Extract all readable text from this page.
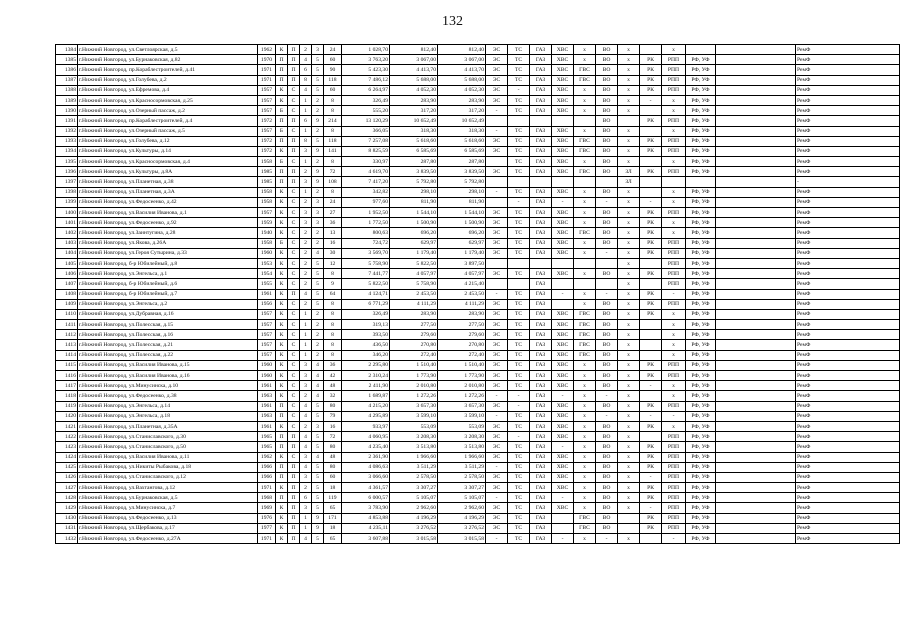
132
1384	г.Нижний Новгород, ул.Светлоярская, д.5	1962	К	П	2	3	24	1 028,70	812,40	812,40	ЭС	ТС	ГАЗ	ХВС	х	ВО	х		х			РемФ
1385	г.Нижний Новгород, ул.Бурнаковская, д.82	1970	П	П	4	5	60	3 763,20	3 067,00	3 067,00	ЭС	ТС	ГАЗ	ХВС	х	ВО	х	РК	РПП	РФ, УФ		РемФ
1386	г.Нижний Новгород, пр.Кораблестроителей, д.41	1971	П	П	6	5	90	5 423,30	4 413,70	4 413,70	ЭС	ТС	ГАЗ	ХВС	ГВС	ВО	х	РК	РПП	РФ, УФ		РемФ
1387	г.Нижний Новгород, ул.Голубева, д.2	1971	П	П	8	5	118	7 486,12	5 688,00	5 688,00	ЭС	ТС	ГАЗ	ХВС	ГВС	ВО	х	РК	РПП	РФ, УФ		РемФ
1388	г.Нижний Новгород, ул.Ефремова, д.4	1957	К	С	4	5	60	6 264,97	4 052,30	4 052,30	ЭС	-	ГАЗ	ХВС	х	ВО	х	РК	РПП	РФ, УФ		РемФ
1389	г.Нижний Новгород, ул.Красносормовская, д.25	1957	К	С	1	2	8	326,49	283,90	283,90	ЭС	ТС	ГАЗ	ХВС	х	ВО	х	-	х	РФ, УФ		РемФ
1390	г.Нижний Новгород, ул.Озерный пассаж, д.2	1957	Б	С	1	2	8	555,20	317,20	317,20	-	ТС	ГАЗ	ХВС	х	ВО	х		х	РФ, УФ		РемФ
1391	г.Нижний Новгород, пр.Кораблестроителей, д.4	1972	П	П	6	9	214	13 120,29	10 652,49	10 652,49						ВО		РК	РПП	РФ, УФ		РемФ
1392	г.Нижний Новгород, ул.Озерный пассаж, д.5	1957	Б	С	1	2	8	366,05	318,30	318,30	-	ТС	ГАЗ	ХВС	х	ВО	х		х	РФ, УФ		РемФ
1393	г.Нижний Новгород, ул.Голубева, д.12	1972	П	П	8	5	118	7 257,08	5 618,60	5 618,60	ЭС	ТС	ГАЗ	ХВС	ГВС	ВО	х	РК	РПП	РФ, УФ		РемФ
1394	г.Нижний Новгород, ул.Культуры, д.14	1972	К	П	3	9	141	8 825,59	6 585,69	6 585,69	ЭС	ТС	ГАЗ	ХВС	ГВС	ВО	х	РК	РПП	РФ, УФ		РемФ
1395	г.Нижний Новгород, ул.Красносормовская, д.4	1958	Б	С	1	2	8	330,97	287,80	287,80		ТС	ГАЗ	ХВС	х	ВО	х		х	РФ, УФ		РемФ
1396	г.Нижний Новгород, ул.Культуры, д.8А	1985	П	П	2	9	72	4 619,70	3 839,50	3 839,50	ЭС	ТС	ГАЗ	ХВС	ГВС	ВО	ЗЛ	РК	РПП	РФ, УФ		РемФ
1397	г.Нижний Новгород, ул.Планетная, д.38	1985	П	П	3	9	108	7 417,20	5 792,80	5 792,80							ЗЛ					-
1398	г.Нижний Новгород, ул.Планетная, д.3А	1958	К	С	1	2	8	342,82	298,10	298,10	-	ТС	ГАЗ	ХВС	х	ВО	х		х	РФ, УФ		РемФ
1399	г.Нижний Новгород, ул.Федосеенко, д.42	1958	К	С	2	3	24	977,60	811,90	811,90		-	ГАЗ	-	х	-	х	-	х	РФ, УФ		РемФ
1400	г.Нижний Новгород, ул.Василия Иванова, д.1	1957	К	С	3	3	27	1 952,50	1 544,10	1 544,10	ЭС	ТС	ГАЗ	ХВС	х	ВО	х	РК	РПП	РФ, УФ		РемФ
1401	г.Нижний Новгород, ул.Федосеенко, д.92	1959	К	С	3	3	36	1 772,50	1 500,90	1 500,90	ЭС	ТС	ГАЗ	ХВС	х	ВО	х	РК	х	РФ, УФ		РемФ
1402	г.Нижний Новгород, ул.Заинтугина, д.28	1940	К	С	2	2	13	800,63	696,20	696,20	ЭС	ТС	ГАЗ	ХВС	ГВС	ВО	х	РК	х	РФ, УФ		РемФ
1403	г.Нижний Новгород, ул.Якова, д.26А	1958	Б	С	2	2	16	724,72	629,97	629,97	ЭС	ТС	ГАЗ	ХВС	х	ВО	х	РК	РПП	РФ, УФ		РемФ
1404	г.Нижний Новгород, ул.Героя Сутырина, д.33	1960	К	С	2	4	30	3 569,70	1 179,40	1 179,40	ЭС	ТС	ГАЗ	ХВС	х	-	х	РК	РПП	РФ, УФ		РемФ
1405	г.Нижний Новгород, б-р Юбилейный, д.8	1953	К	С	2	5	12	5 758,90	5 822,50	3 897,50							х		РПП	РФ, УФ		РемФ
1406	г.Нижний Новгород, ул.Энгельса, д.1	1954	К	С	2	5	8	7 441,77	4 057,97	4 057,97	ЭС	ТС	ГАЗ	ХВС	х	ВО	х	РК	РПП	РФ, УФ		РемФ
1407	г.Нижний Новгород, б-р Юбилейный, д.6	1955	К	С	2	5	9	5 822,50	5 758,90	4 215,40			ГАЗ				х		РПП	РФ, УФ		РемФ
1408	г.Нижний Новгород, б-р Юбилейный, д.7	1961	К	П	4	5	64	4 124,71	2 453,50	2 453,50	-	ТС	ГАЗ	-	х	-	х	РК	-	РФ, УФ		РемФ
1409	г.Нижний Новгород, ул.Энгельса, д.2	1956	К	С	2	5	8	6 771,29	4 111,29	4 111,29	ЭС	ТС	ГАЗ		х	ВО	х	РК	РПП	РФ, УФ		РемФ
1410	г.Нижний Новгород, ул.Дубравная, д.16	1957	К	С	1	2	8	326,49	283,90	283,90	ЭС	ТС	ГАЗ	ХВС	ГВС	ВО	х	РК	х	РФ, УФ		РемФ
1411	г.Нижний Новгород, ул.Полесская, д.15	1957	К	С	1	2	8	319,13	277,50	277,50	ЭС	ТС	ГАЗ	ХВС	ГВС	ВО	х		х	РФ, УФ		РемФ
1412	г.Нижний Новгород, ул.Полесская, д.16	1957	К	С	1	2	8	393,50	279,60	279,60	ЭС	ТС	ГАЗ	ХВС	ГВС	ВО	х		х	РФ, УФ		РемФ
1413	г.Нижний Новгород, ул.Полесская, д.21	1957	К	С	1	2	8	436,50	270,80	270,80	ЭС	ТС	ГАЗ	ХВС	ГВС	ВО	х		х	РФ, УФ		РемФ
1414	г.Нижний Новгород, ул.Полесская, д.22	1957	К	С	1	2	8	346,20	272,40	272,40	ЭС	ТС	ГАЗ	ХВС	ГВС	ВО	х		х	РФ, УФ		РемФ
1415	г.Нижний Новгород, ул.Василия Иванова, д.15	1960	К	С	3	4	36	2 295,80	1 510,40	1 510,40	ЭС	ТС	ГАЗ	ХВС	х	ВО	х	РК	РПП	РФ, УФ		РемФ
1416	г.Нижний Новгород, ул.Василия Иванова, д.16	1960	К	С	3	4	42	2 310,24	1 773,90	1 773,90	ЭС	ТС	ГАЗ	ХВС	х	ВО	х	РК	РПП	РФ, УФ		РемФ
1417	г.Нижний Новгород, ул.Минусинска, д.10	1961	К	С	3	4	48	2 411,90	2 010,80	2 010,80	ЭС	ТС	ГАЗ	ХВС	х	ВО	х	-	х	РФ, УФ		РемФ
1418	г.Нижний Новгород, ул.Федосеенко, д.38	1963	К	С	2	4	32	1 689,87	1 272,26	1 272,26	-	-	ГАЗ	-	х	-	х		х	РФ, УФ		РемФ
1419	г.Нижний Новгород, ул.Энгельса, д.14	1961	П	С	4	5	80	4 215,20	3 657,30	3 657,30	ЭС	-	ГАЗ	ХВС	х	ВО	х	РК	РПП	РФ, УФ		РемФ
1420	г.Нижний Новгород, ул.Энгельса, д.18	1963	П	С	4	5	79	4 295,89	3 599,10	3 599,10	-	ТС	ГАЗ	ХВС	х	-	х	-	-	РФ, УФ		РемФ
1421	г.Нижний Новгород, ул.Планетная, д.35А	1961	К	С	2	3	16	933,97	553,09	553,09	ЭС	ТС	ГАЗ	ХВС	х	ВО	х	РК	х	РФ, УФ		РемФ
1422	г.Нижний Новгород, ул.Станиславского, д.30	1965	П	П	4	5	72	4 060,95	3 208,30	3 208,30	ЭС	-	ГАЗ	ХВС	х	ВО	х		РПП	РФ, УФ		РемФ
1423	г.Нижний Новгород, ул.Станиславского, д.50	1965	П	П	4	5	80	4 235,40	3 513,80	3 513,80	ЭС	ТС	ГАЗ	-	х	ВО	х	РК	РПП	РФ, УФ		РемФ
1424	г.Нижний Новгород, ул.Василия Иванова, д.11	1962	К	С	3	4	48	2 361,90	1 966,60	1 966,60	ЭС	ТС	ГАЗ	ХВС	х	ВО	х	РК	РПП	РФ, УФ		РемФ
1425	г.Нижний Новгород, ул.Никиты Рыбакова, д.18	1966	П	П	4	5	80	4 086,63	3 511,29	3 511,29	-	ТС	ГАЗ	ХВС	х	ВО	х	РК	РПП	РФ, УФ		РемФ
1426	г.Нижний Новгород, ул.Станиславского, д.12	1966	П	П	3	5	60	3 066,60	2 578,50	2 578,50	ЭС	ТС	ГАЗ	ХВС	х	ВО	х	-	РПП	РФ, УФ		РемФ
1427	г.Нижний Новгород, ул.Вахтангова, д.12	1971	К	П	2	5	18	4 361,57	3 307,27	3 307,27	ЭС	ТС	ГАЗ	ХВС	х	ВО	х	РК	РПП	РФ, УФ		РемФ
1428	г.Нижний Новгород, ул.Бурнаковская, д.5	1968	П	П	6	5	119	6 000,57	5 105,07	5 105,07	-	ТС	ГАЗ	-	х	ВО	х	РК	РПП	РФ, УФ		РемФ
1429	г.Нижний Новгород, ул.Минусинска, д.7	1969	К	П	3	5	65	3 783,90	2 962,60	2 962,60	ЭС	ТС	ГАЗ	ХВС	х	ВО	х	-	РПП	РФ, УФ		РемФ
1430	г.Нижний Новгород, ул.Федосеенко, д.13	1976	К	П	1	9	171	4 853,88	4 196,29	4 196,29	ЭС	ТС	ГАЗ		ГВС	ВО		РК	РПП	РФ, УФ		РемФ
1431	г.Нижний Новгород, ул.Щербакова, д.17	1977	К	П	1	9	18	4 235,11	3 276,52	3 276,52	ЭС	ТС	ГАЗ		ГВС	ВО		РК	РПП	РФ, УФ		РемФ
1432	г.Нижний Новгород, ул.Федосеенко, д.27А	1971	К	П	4	5	65	3 607,88	3 015,58	3 015,58	-	ТС	ГАЗ	-	х	-	х		-	РФ, УФ		РемФ
